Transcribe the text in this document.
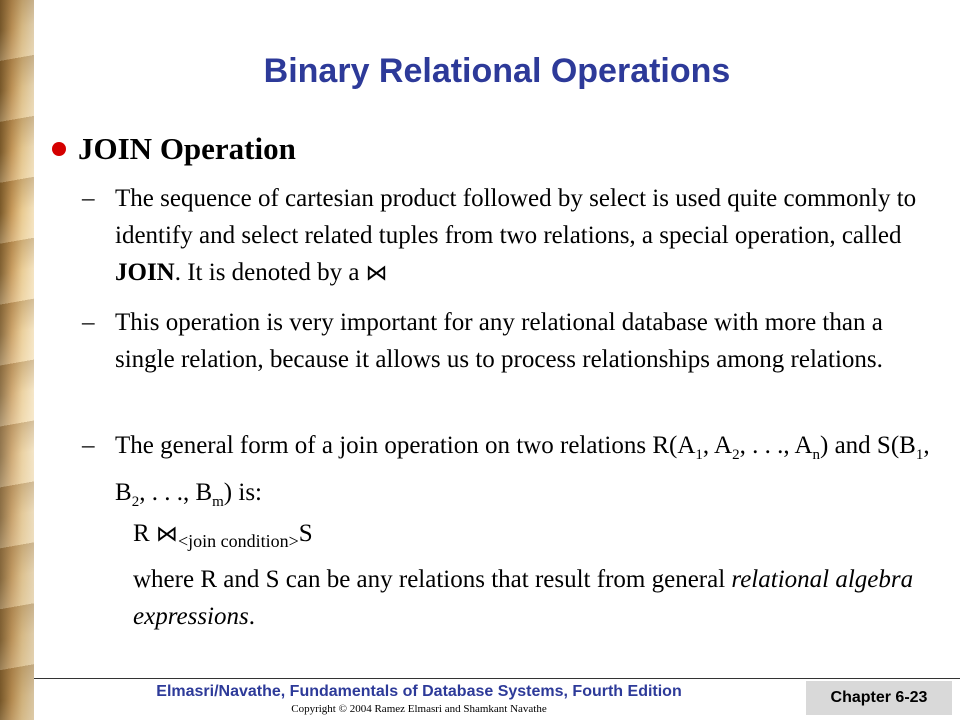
Binary Relational Operations
JOIN Operation
– The sequence of cartesian product followed by select is used quite commonly to identify and select related tuples from two relations, a special operation, called JOIN. It is denoted by a ⋈
– This operation is very important for any relational database with more than a single relation, because it allows us to process relationships among relations.
– The general form of a join operation on two relations $R(A_1$, $A_2$, . . ., $A_n$) and $S(B_1$, $B_2$, . . ., $B_m$) is:
R $⋈_{<join condition>}S$
where R and S can be any relations that result from general relational algebra expressions.
Elmasri/Navathe, Fundamentals of Database Systems, Fourth Edition
Copyright © 2004 Ramez Elmasri and Shamkant Navathe
Chapter 6-23
